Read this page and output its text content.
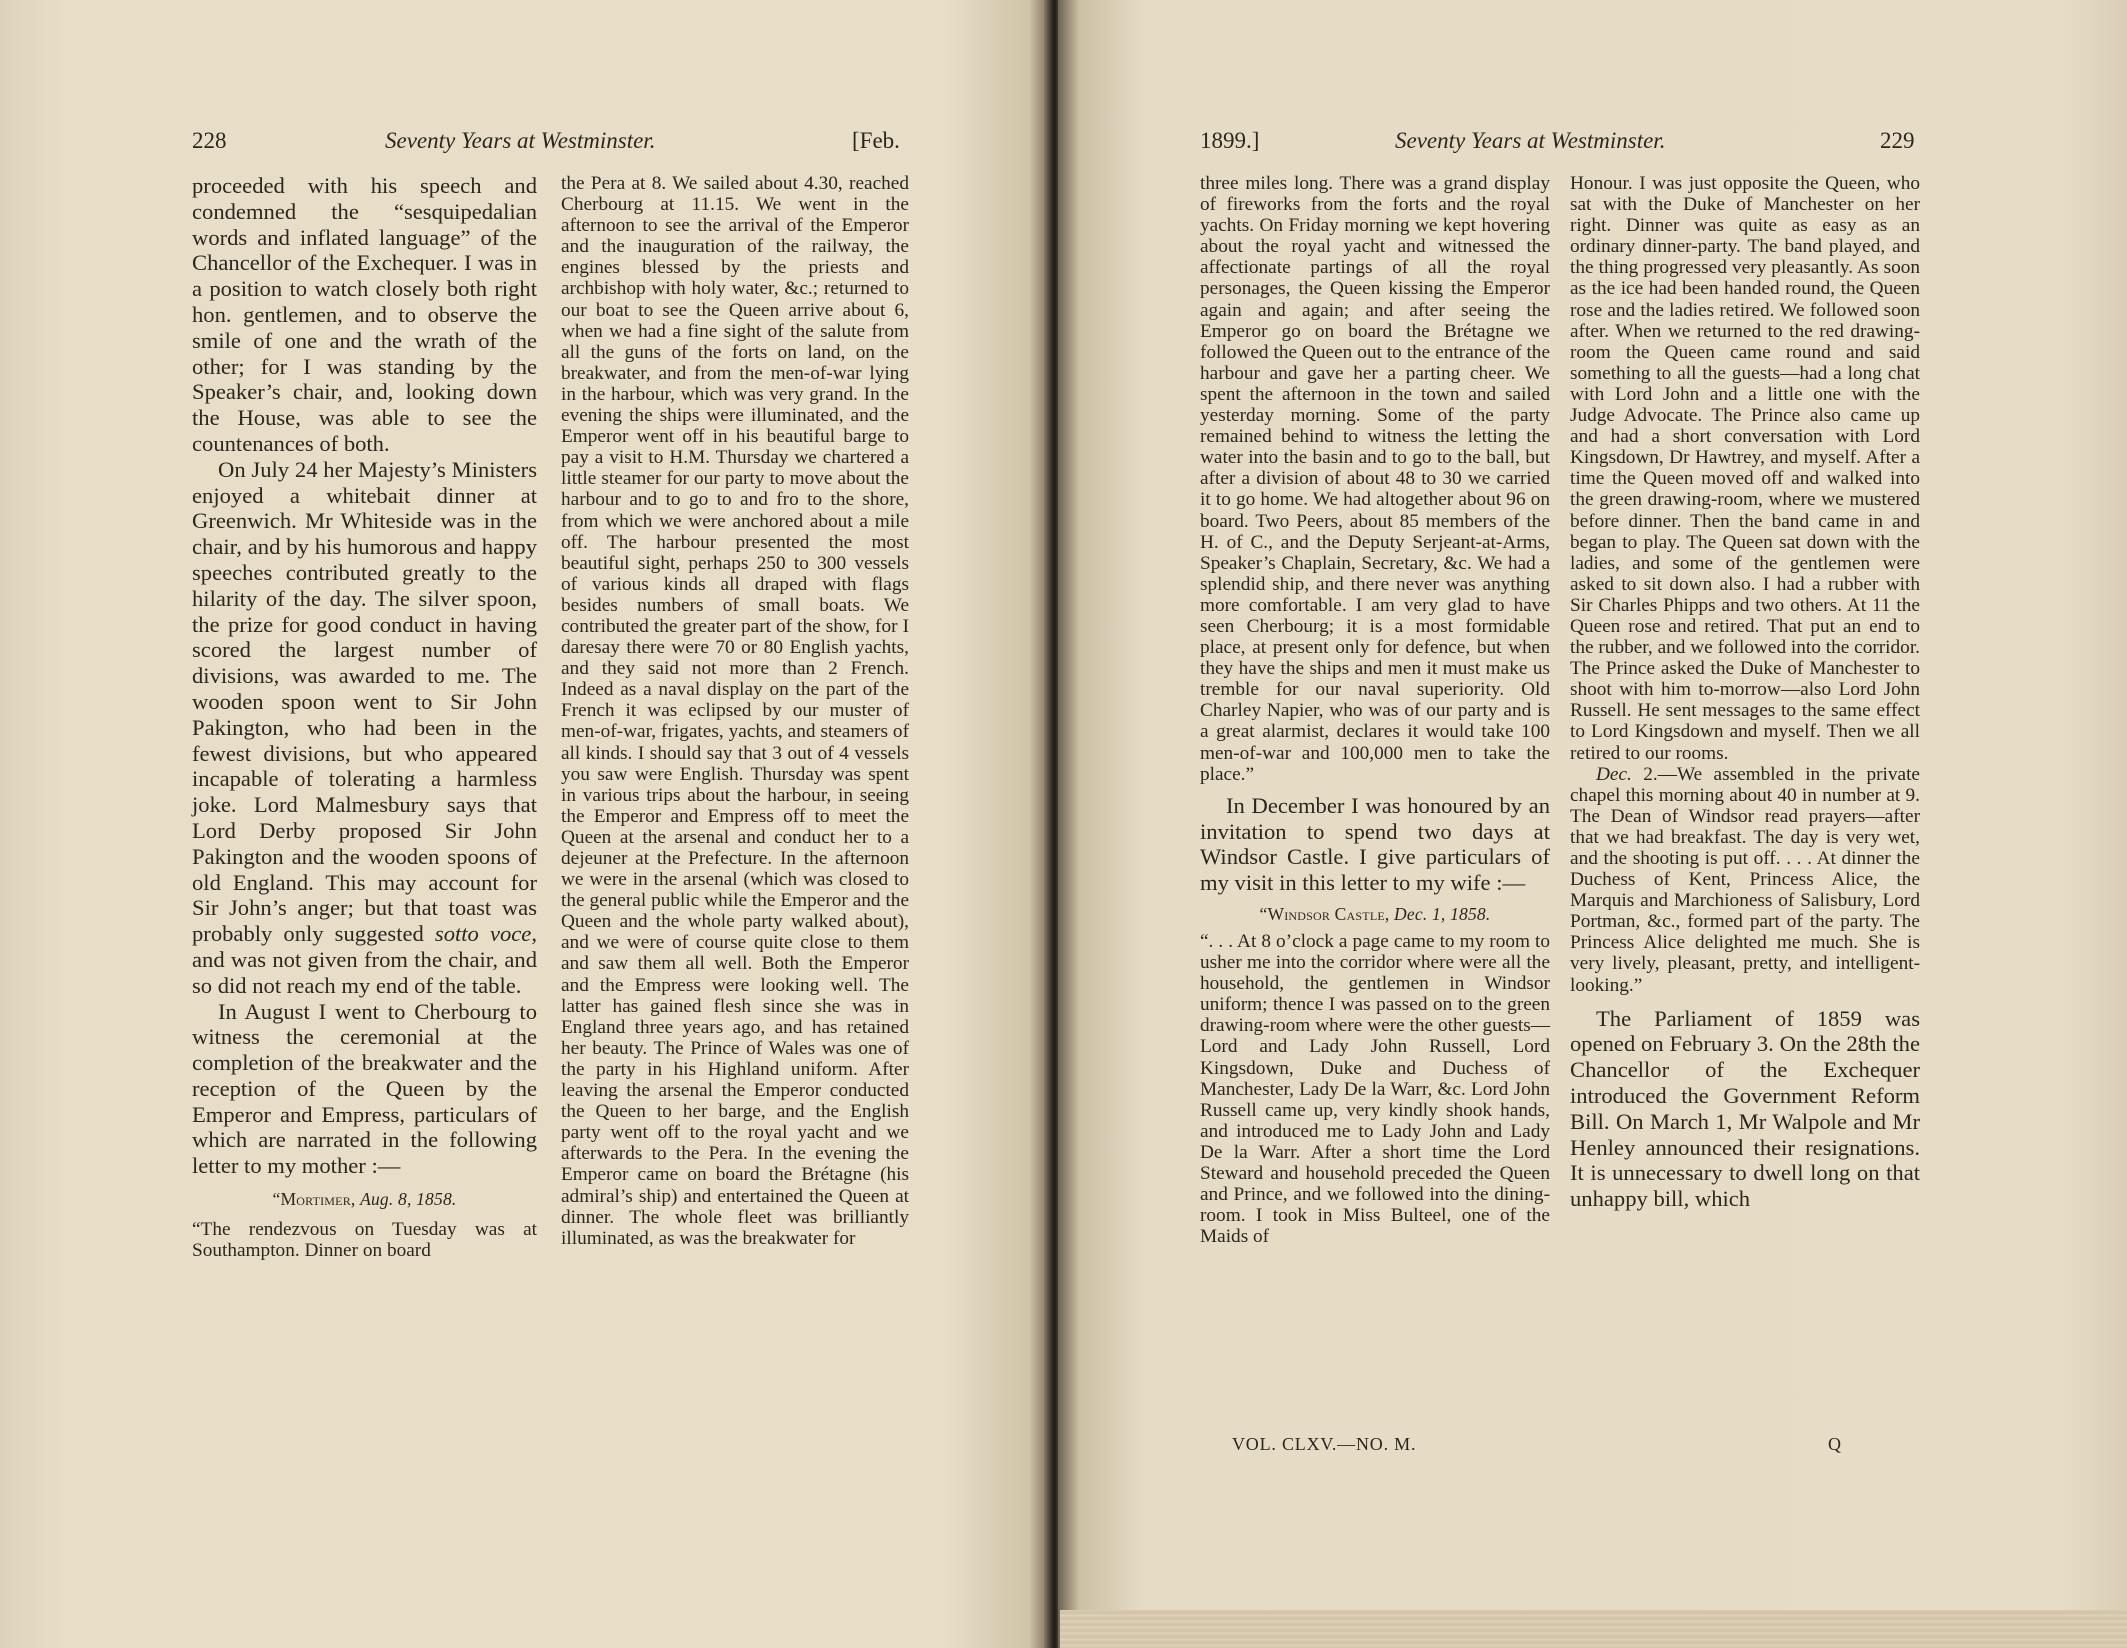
228	Seventy Years at Westminster.	[Feb.

proceeded with his speech and condemned the “sesquipedalian words and inflated language” of the Chancellor of the Exchequer. I was in a position to watch closely both right hon. gentlemen, and to observe the smile of one and the wrath of the other; for I was standing by the Speaker’s chair, and, looking down the House, was able to see the countenances of both.

On July 24 her Majesty’s Ministers enjoyed a whitebait dinner at Greenwich. Mr Whiteside was in the chair, and by his humorous and happy speeches contributed greatly to the hilarity of the day. The silver spoon, the prize for good conduct in having scored the largest number of divisions, was awarded to me. The wooden spoon went to Sir John Pakington, who had been in the fewest divisions, but who appeared incapable of tolerating a harmless joke. Lord Malmesbury says that Lord Derby proposed Sir John Pakington and the wooden spoons of old England. This may account for Sir John’s anger; but that toast was probably only suggested sotto voce, and was not given from the chair, and so did not reach my end of the table.

In August I went to Cherbourg to witness the ceremonial at the completion of the breakwater and the reception of the Queen by the Emperor and Empress, particulars of which are narrated in the following letter to my mother :—

“Mortimer, Aug. 8, 1858.

“The rendezvous on Tuesday was at Southampton. Dinner on board

the Pera at 8. We sailed about 4.30, reached Cherbourg at 11.15. We went in the afternoon to see the arrival of the Emperor and the inauguration of the railway, the engines blessed by the priests and archbishop with holy water, &c.; returned to our boat to see the Queen arrive about 6, when we had a fine sight of the salute from all the guns of the forts on land, on the breakwater, and from the men-of-war lying in the harbour, which was very grand. In the evening the ships were illuminated, and the Emperor went off in his beautiful barge to pay a visit to H.M. Thursday we chartered a little steamer for our party to move about the harbour and to go to and fro to the shore, from which we were anchored about a mile off. The harbour presented the most beautiful sight, perhaps 250 to 300 vessels of various kinds all draped with flags besides numbers of small boats. We contributed the greater part of the show, for I daresay there were 70 or 80 English yachts, and they said not more than 2 French. Indeed as a naval display on the part of the French it was eclipsed by our muster of men-of-war, frigates, yachts, and steamers of all kinds. I should say that 3 out of 4 vessels you saw were English. Thursday was spent in various trips about the harbour, in seeing the Emperor and Empress off to meet the Queen at the arsenal and conduct her to a dejeuner at the Prefecture. In the afternoon we were in the arsenal (which was closed to the general public while the Emperor and the Queen and the whole party walked about), and we were of course quite close to them and saw them all well. Both the Emperor and the Empress were looking well. The latter has gained flesh since she was in England three years ago, and has retained her beauty. The Prince of Wales was one of the party in his Highland uniform. After leaving the arsenal the Emperor conducted the Queen to her barge, and the English party went off to the royal yacht and we afterwards to the Pera. In the evening the Emperor came on board the Brétagne (his admiral’s ship) and entertained the Queen at dinner. The whole fleet was brilliantly illuminated, as was the breakwater for

1899.]	Seventy Years at Westminster.	229

three miles long. There was a grand display of fireworks from the forts and the royal yachts. On Friday morning we kept hovering about the royal yacht and witnessed the affectionate partings of all the royal personages, the Queen kissing the Emperor again and again; and after seeing the Emperor go on board the Brétagne we followed the Queen out to the entrance of the harbour and gave her a parting cheer. We spent the afternoon in the town and sailed yesterday morning. Some of the party remained behind to witness the letting the water into the basin and to go to the ball, but after a division of about 48 to 30 we carried it to go home. We had altogether about 96 on board. Two Peers, about 85 members of the H. of C., and the Deputy Serjeant-at-Arms, Speaker’s Chaplain, Secretary, &c. We had a splendid ship, and there never was anything more comfortable. I am very glad to have seen Cherbourg; it is a most formidable place, at present only for defence, but when they have the ships and men it must make us tremble for our naval superiority. Old Charley Napier, who was of our party and is a great alarmist, declares it would take 100 men-of-war and 100,000 men to take the place.”

In December I was honoured by an invitation to spend two days at Windsor Castle. I give particulars of my visit in this letter to my wife :—

“Windsor Castle, Dec. 1, 1858.

“. . . At 8 o’clock a page came to my room to usher me into the corridor where were all the household, the gentlemen in Windsor uniform; thence I was passed on to the green drawing-room where were the other guests—Lord and Lady John Russell, Lord Kingsdown, Duke and Duchess of Manchester, Lady De la Warr, &c. Lord John Russell came up, very kindly shook hands, and introduced me to Lady John and Lady De la Warr. After a short time the Lord Steward and household preceded the Queen and Prince, and we followed into the dining-room. I took in Miss Bulteel, one of the Maids of

Honour. I was just opposite the Queen, who sat with the Duke of Manchester on her right. Dinner was quite as easy as an ordinary dinner-party. The band played, and the thing progressed very pleasantly. As soon as the ice had been handed round, the Queen rose and the ladies retired. We followed soon after. When we returned to the red drawing-room the Queen came round and said something to all the guests—had a long chat with Lord John and a little one with the Judge Advocate. The Prince also came up and had a short conversation with Lord Kingsdown, Dr Hawtrey, and myself. After a time the Queen moved off and walked into the green drawing-room, where we mustered before dinner. Then the band came in and began to play. The Queen sat down with the ladies, and some of the gentlemen were asked to sit down also. I had a rubber with Sir Charles Phipps and two others. At 11 the Queen rose and retired. That put an end to the rubber, and we followed into the corridor. The Prince asked the Duke of Manchester to shoot with him to-morrow—also Lord John Russell. He sent messages to the same effect to Lord Kingsdown and myself. Then we all retired to our rooms.

Dec. 2.—We assembled in the private chapel this morning about 40 in number at 9. The Dean of Windsor read prayers—after that we had breakfast. The day is very wet, and the shooting is put off. . . . At dinner the Duchess of Kent, Princess Alice, the Marquis and Marchioness of Salisbury, Lord Portman, &c., formed part of the party. The Princess Alice delighted me much. She is very lively, pleasant, pretty, and intelligent-looking.”

The Parliament of 1859 was opened on February 3. On the 28th the Chancellor of the Exchequer introduced the Government Reform Bill. On March 1, Mr Walpole and Mr Henley announced their resignations. It is unnecessary to dwell long on that unhappy bill, which

VOL. CLXV.—NO. M.	Q
